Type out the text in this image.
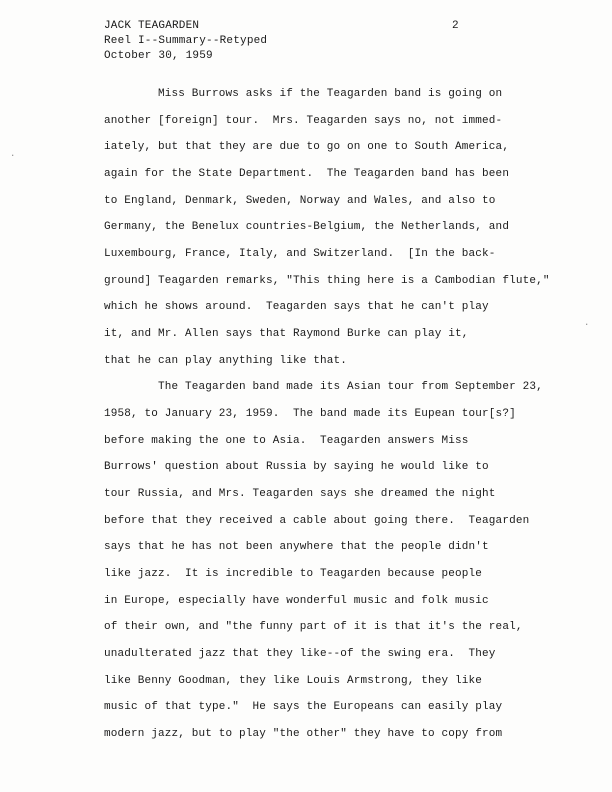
JACK TEAGARDEN
Reel I--Summary--Retyped
October 30, 1959
2
Miss Burrows asks if the Teagarden band is going on
another [foreign] tour.  Mrs. Teagarden says no, not immed-
iately, but that they are due to go on one to South America,
again for the State Department.  The Teagarden band has been
to England, Denmark, Sweden, Norway and Wales, and also to
Germany, the Benelux countries-Belgium, the Netherlands, and
Luxembourg, France, Italy, and Switzerland.  [In the back-
ground] Teagarden remarks, "This thing here is a Cambodian flute,"
which he shows around.  Teagarden says that he can't play
it, and Mr. Allen says that Raymond Burke can play it,
that he can play anything like that.
The Teagarden band made its Asian tour from September 23,
1958, to January 23, 1959.  The band made its Eupean tour[s?]
before making the one to Asia.  Teagarden answers Miss
Burrows' question about Russia by saying he would like to
tour Russia, and Mrs. Teagarden says she dreamed the night
before that they received a cable about going there.  Teagarden
says that he has not been anywhere that the people didn't
like jazz.  It is incredible to Teagarden because people
in Europe, especially have wonderful music and folk music
of their own, and "the funny part of it is that it's the real,
unadulterated jazz that they like--of the swing era.  They
like Benny Goodman, they like Louis Armstrong, they like
music of that type."  He says the Europeans can easily play
modern jazz, but to play "the other" they have to copy from
·
·
